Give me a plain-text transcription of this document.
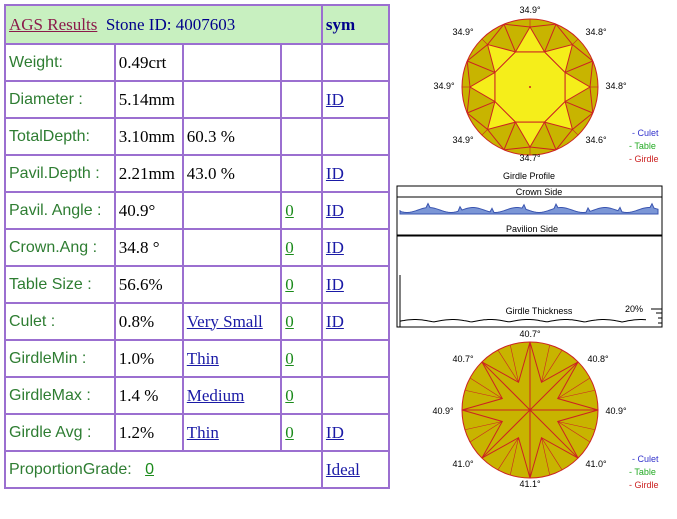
AGS Results Stone ID: 4007603				sym
Weight:	0.49crt			
Diameter :	5.14mm			ID
TotalDepth:	3.10mm	60.3 %		
Pavil.Depth :	2.21mm	43.0 %		ID
Pavil. Angle :	40.9°		0	ID
Crown.Ang :	34.8 °		0	ID
Table Size :	56.6%		0	ID
Culet :	0.8%	Very Small	0	ID
GirdleMin :	1.0%	Thin	0	
GirdleMax :	1.4 %	Medium	0	
Girdle Avg :	1.2%	Thin	0	ID
ProportionGrade: 0				Ideal
34.9°
34.8°
34.8°
34.6°
34.7°
34.9°
34.9°
34.9°
- Culet
- Table
- Girdle
Girdle Profile
Crown Side
Pavilion Side
Girdle Thickness	20%
40.7°
40.8°
40.9°
41.0°
41.1°
41.0°
40.9°
40.7°
- Culet
- Table
- Girdle
